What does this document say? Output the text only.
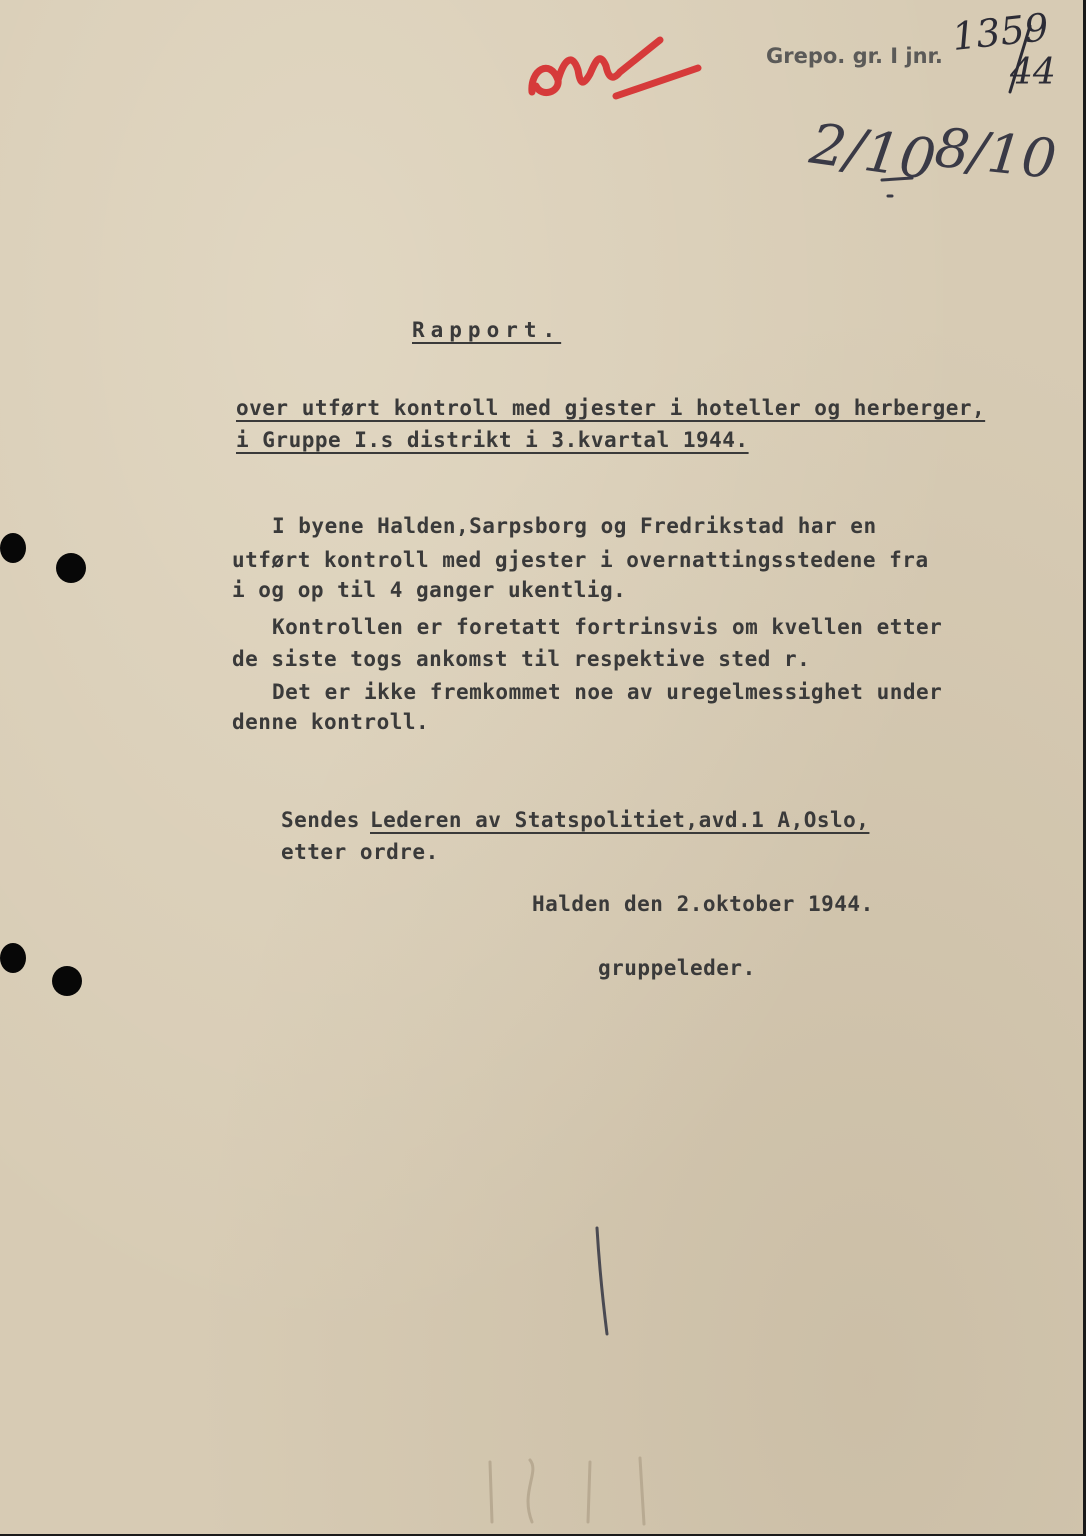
Grepo. gr. I jnr. 1359
44
2/10
8/10

Rapport.

over utført kontroll med gjester i hoteller og herberger,

i Gruppe I.s distrikt i 3.kvartal 1944.

I byene Halden,Sarpsborg og Fredrikstad har en

utført kontroll med gjester i overnattingsstedene fra

i og op til 4 ganger ukentlig.

Kontrollen er foretatt fortrinsvis om kvellen etter

de siste togs ankomst til respektive sted r.

Det er ikke fremkommet noe av uregelmessighet under

denne kontroll.

Sendes Lederen av Statspolitiet,avd.1 A,Oslo,

etter ordre.

Halden den 2.oktober 1944.

gruppeleder.
